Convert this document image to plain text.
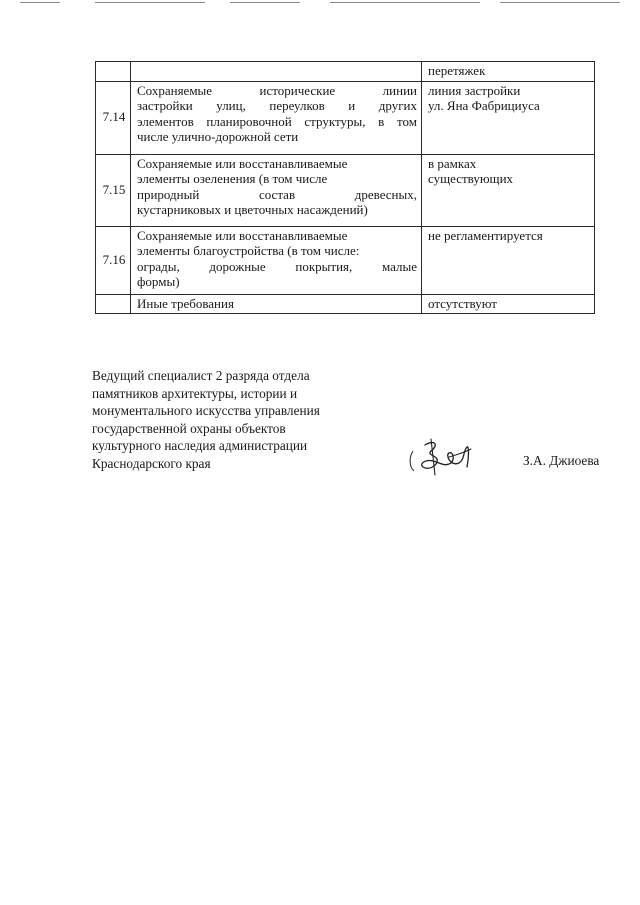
		перетяжек
7.14	Сохраняемые исторические линии
застройки улиц, переулков и других
элементов планировочной структуры, в том
числе улично-дорожной сети	линия застройки
ул. Яна Фабрициуса

7.15	Сохраняемые или восстанавливаемые
элементы озеленения (в том числе
природный состав древесных,
кустарниковых и цветочных насаждений)	в рамках
существующих

7.16	Сохраняемые или восстанавливаемые
элементы благоустройства (в том числе:
ограды, дорожные покрытия, малые
формы)	не регламентируется

	Иные требования	отсутствуют
Ведущий специалист 2 разряда отдела
памятников архитектуры, истории и
монументального искусства управления
государственной охраны объектов
культурного наследия администрации
Краснодарского края	З.А. Джиоева
